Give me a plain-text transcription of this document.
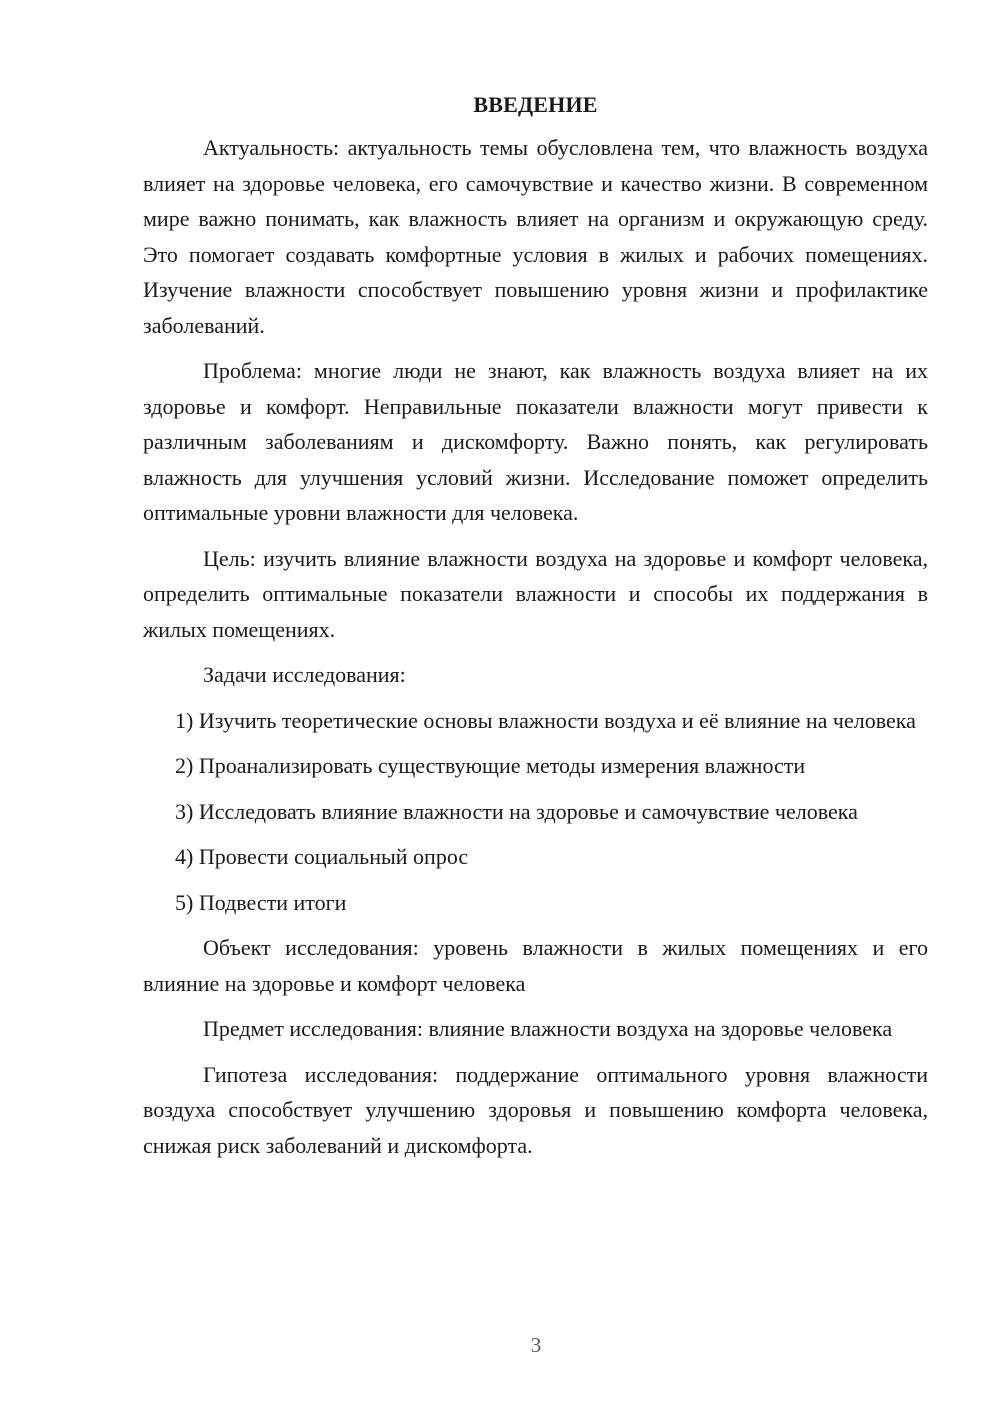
ВВЕДЕНИЕ

Актуальность: актуальность темы обусловлена тем, что влажность воздуха влияет на здоровье человека, его самочувствие и качество жизни. В современном мире важно понимать, как влажность влияет на организм и окружающую среду. Это помогает создавать комфортные условия в жилых и рабочих помещениях. Изучение влажности способствует повышению уровня жизни и профилактике заболеваний.

Проблема: многие люди не знают, как влажность воздуха влияет на их здоровье и комфорт. Неправильные показатели влажности могут привести к различным заболеваниям и дискомфорту. Важно понять, как регулировать влажность для улучшения условий жизни. Исследование поможет определить оптимальные уровни влажности для человека.

Цель: изучить влияние влажности воздуха на здоровье и комфорт человека, определить оптимальные показатели влажности и способы их поддержания в жилых помещениях.

Задачи исследования:

1) Изучить теоретические основы влажности воздуха и её влияние на человека

2) Проанализировать существующие методы измерения влажности

3) Исследовать влияние влажности на здоровье и самочувствие человека

4) Провести социальный опрос

5) Подвести итоги

Объект исследования: уровень влажности в жилых помещениях и его влияние на здоровье и комфорт человека

Предмет исследования: влияние влажности воздуха на здоровье человека

Гипотеза исследования: поддержание оптимального уровня влажности воздуха способствует улучшению здоровья и повышению комфорта человека, снижая риск заболеваний и дискомфорта.

3
